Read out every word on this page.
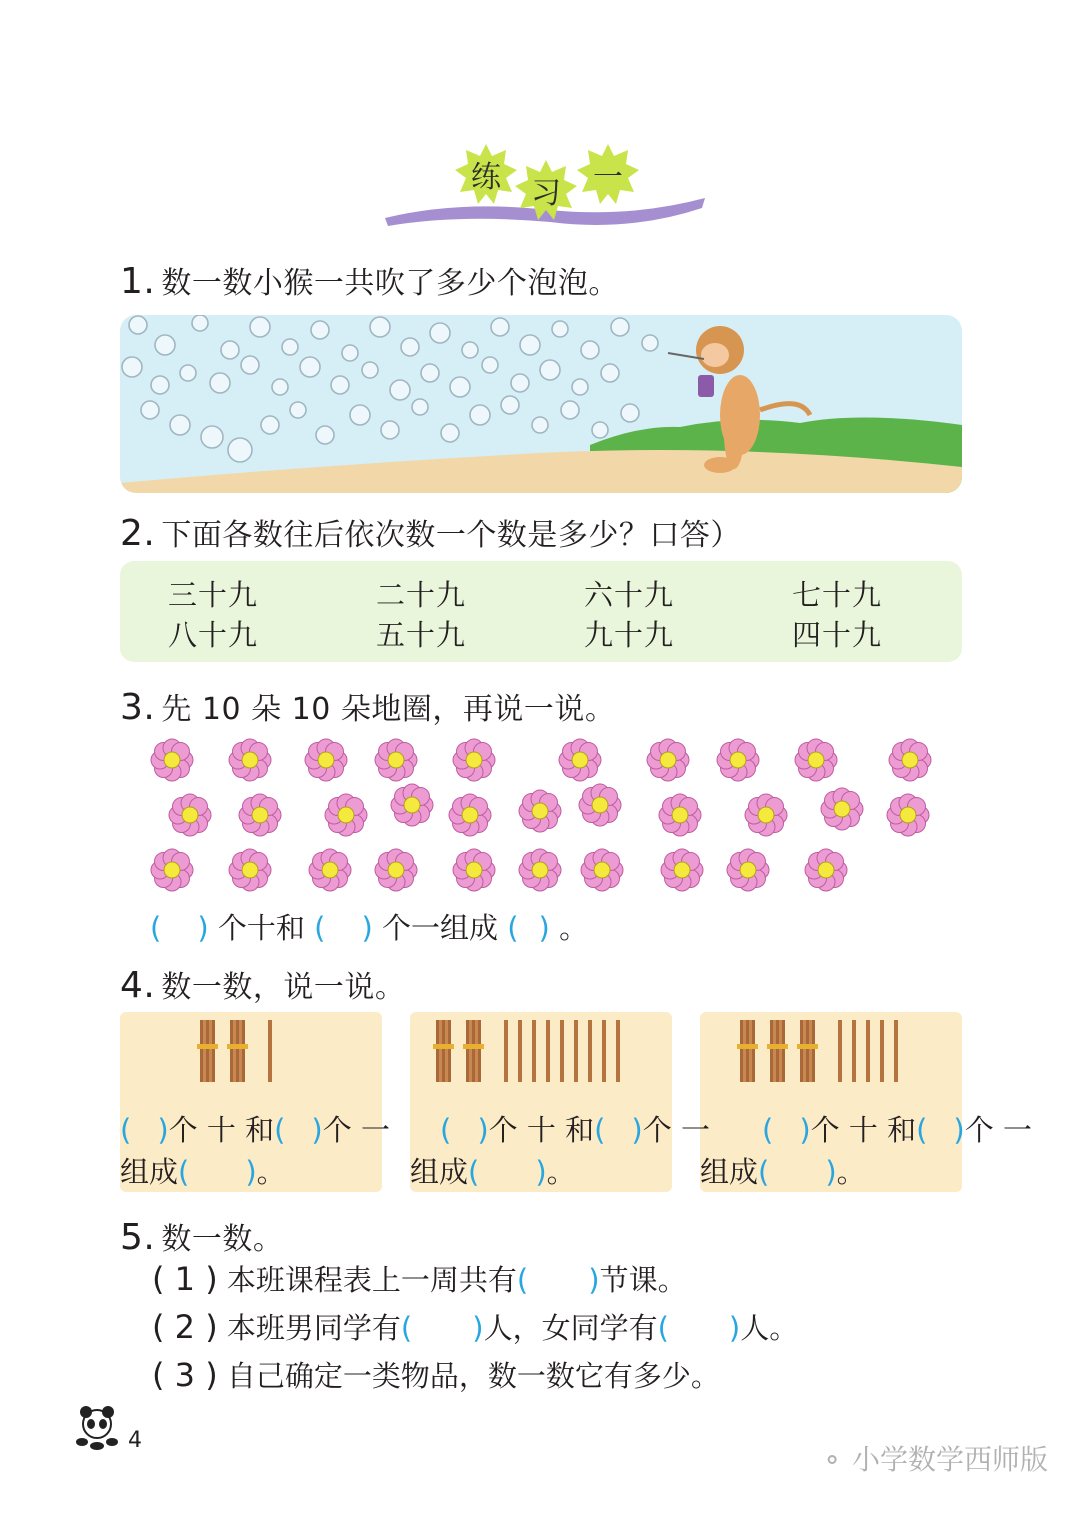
练	习	一
1. 数一数小猴一共吹了多少个泡泡。
2. 下面各数往后依次数一个数是多少？口答）
三十九	二十九	六十九	七十九
八十九	五十九	九十九	四十九
3. 先 10 朵 10 朵地圈，再说一说。
( ) 个十和 ( ) 个一组成 ( ) 。
4. 数一数，说一说。
( )个 十 和( )个 一 ( )个 十 和( )个 一 ( )个 十 和( )个 一
组成( )。	组成( )。	组成( )。
5. 数一数。
( 1 ) 本班课程表上一周共有( )节课。
( 2 ) 本班男同学有( )人，女同学有( )人。
( 3 ) 自己确定一类物品，数一数它有多少。
4
⚬ 小学数学西师版
